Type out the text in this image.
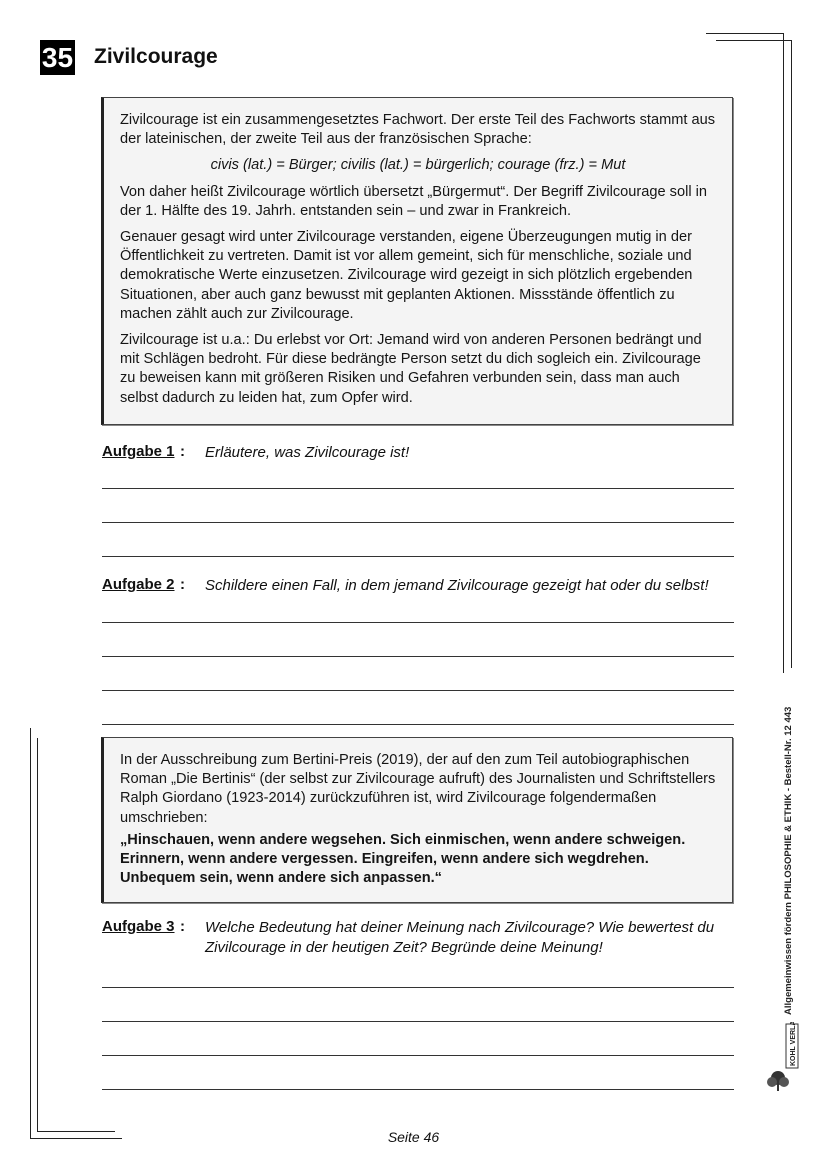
35 Zivilcourage

Zivilcourage ist ein zusammengesetztes Fachwort. Der erste Teil des Fachworts stammt aus der lateinischen, der zweite Teil aus der französischen Sprache:

civis (lat.) = Bürger; civilis (lat.) = bürgerlich; courage (frz.) = Mut

Von daher heißt Zivilcourage wörtlich übersetzt „Bürgermut“. Der Begriff Zivilcourage soll in der 1. Hälfte des 19. Jahrh. entstanden sein – und zwar in Frankreich.

Genauer gesagt wird unter Zivilcourage verstanden, eigene Überzeugungen mutig in der Öffentlichkeit zu vertreten. Damit ist vor allem gemeint, sich für menschliche, soziale und demokratische Werte einzusetzen. Zivilcourage wird gezeigt in sich plötzlich ergebenden Situationen, aber auch ganz bewusst mit geplanten Aktionen. Missstände öffentlich zu machen zählt auch zur Zivilcourage.

Zivilcourage ist u.a.: Du erlebst vor Ort: Jemand wird von anderen Personen bedrängt und mit Schlägen bedroht. Für diese bedrängte Person setzt du dich sogleich ein. Zivilcourage zu beweisen kann mit größeren Risiken und Gefahren verbunden sein, dass man auch selbst dadurch zu leiden hat, zum Opfer wird.

Aufgabe 1 : Erläutere, was Zivilcourage ist!
Aufgabe 2 : Schildere einen Fall, in dem jemand Zivilcourage gezeigt hat oder du selbst!

In der Ausschreibung zum Bertini-Preis (2019), der auf den zum Teil autobiographischen Roman „Die Bertinis“ (der selbst zur Zivilcourage aufruft) des Journalisten und Schriftstellers Ralph Giordano (1923-2014) zurückzuführen ist, wird Zivilcourage folgendermaßen umschrieben:

„Hinschauen, wenn andere wegsehen. Sich einmischen, wenn andere schweigen. Erinnern, wenn andere vergessen. Eingreifen, wenn andere sich wegdrehen. Unbequem sein, wenn andere sich anpassen.“

Aufgabe 3 : Welche Bedeutung hat deiner Meinung nach Zivilcourage? Wie bewertest du Zivilcourage in der heutigen Zeit? Begründe deine Meinung!	Allgemeinwissen fördern PHILOSOPHIE & ETHIK - Bestell-Nr. 12 443
KOHL VERLAG
Seite 46
